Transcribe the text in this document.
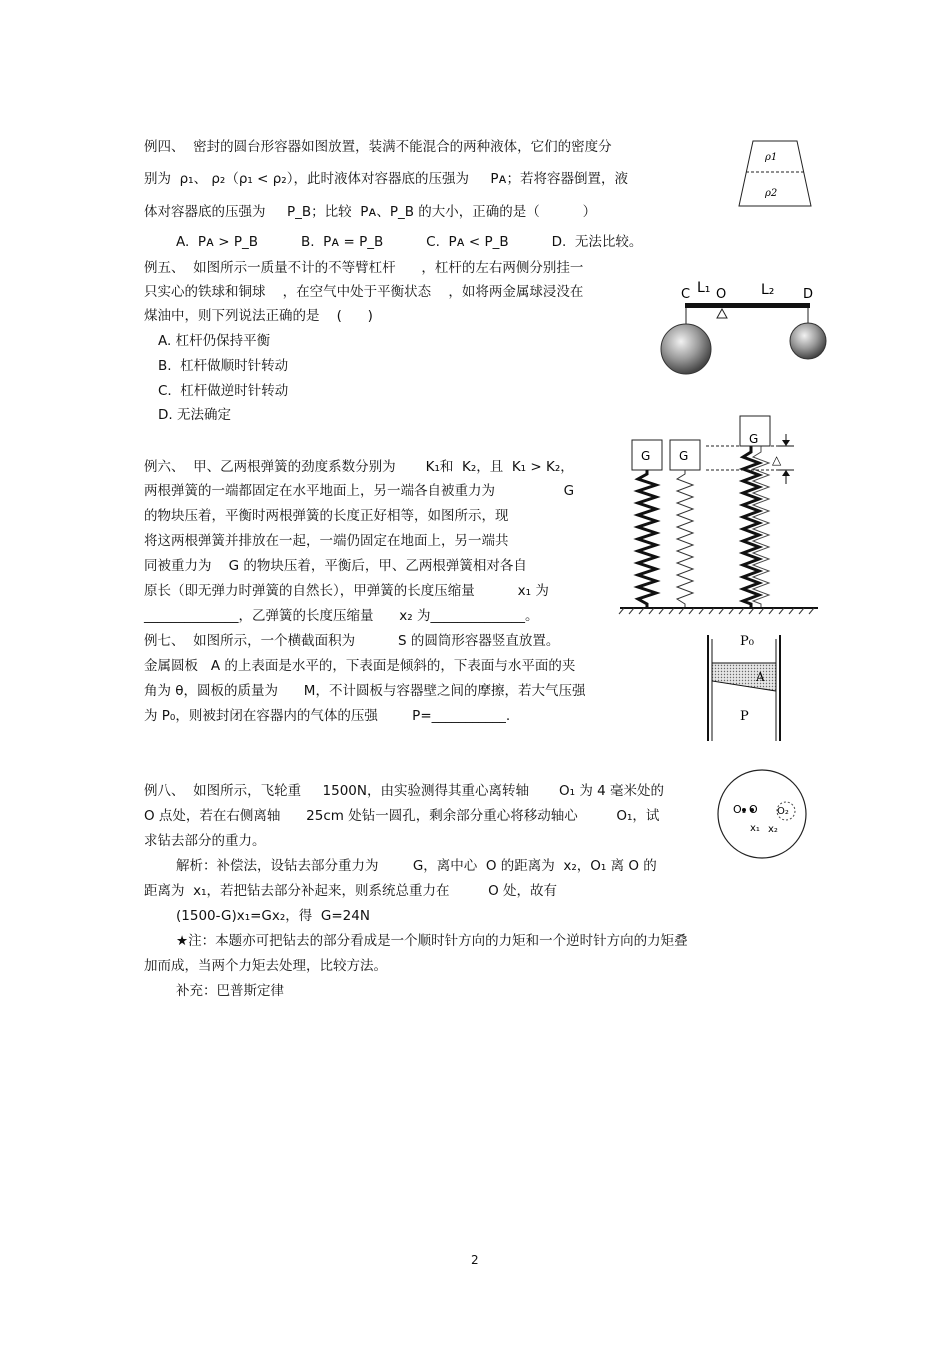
例四、  密封的圆台形容器如图放置，装满不能混合的两种液体，它们的密度分
别为  ρ₁、 ρ₂（ρ₁ < ρ₂），此时液体对容器底的压强为     Pᴀ；若将容器倒置，液
体对容器底的压强为     P_B；比较  Pᴀ、P_B 的大小，正确的是（          ）
A.  Pᴀ > P_B          B.  Pᴀ = P_B          C.  Pᴀ < P_B          D.  无法比较。
ρ1
ρ2
例五、  如图所示一质量不计的不等臂杠杆      ，杠杆的左右两侧分别挂一
只实心的铁球和铜球    ，在空气中处于平衡状态    ，如将两金属球浸没在
煤油中，则下列说法正确的是    (      )
A. 杠杆仍保持平衡
B.  杠杆做顺时针转动
C.  杠杆做逆时针转动
D. 无法确定
C L₁ O L₂ D
例六、  甲、乙两根弹簧的劲度系数分别为       K₁和  K₂，且  K₁ > K₂，
两根弹簧的一端都固定在水平地面上，另一端各自被重力为                G
的物块压着，平衡时两根弹簧的长度正好相等，如图所示，现
将这两根弹簧并排放在一起，一端仍固定在地面上，另一端共
同被重力为    G 的物块压着，平衡后，甲、乙两根弹簧相对各自
原长（即无弹力时弹簧的自然长），甲弹簧的长度压缩量          x₁ 为
______________，乙弹簧的长度压缩量      x₂ 为______________。
G G
G
△
例七、  如图所示，一个横截面积为          S 的圆筒形容器竖直放置。
金属圆板   A 的上表面是水平的，下表面是倾斜的，下表面与水平面的夹
角为 θ，圆板的质量为      M，不计圆板与容器壁之间的摩擦，若大气压强
为 P₀，则被封闭在容器内的气体的压强        P=___________.
P₀
A
P
例八、  如图所示，飞轮重     1500N，由实验测得其重心离转轴       O₁ 为 4 毫米处的
O 点处，若在右侧离轴      25cm 处钻一圆孔，剩余部分重心将移动轴心         O₁，试
求钻去部分的重力。
解析：补偿法，设钻去部分重力为        G，离中心  O 的距离为  x₂，O₁ 离 O 的
距离为  x₁，若把钻去部分补起来，则系统总重力在         O 处，故有
(1500-G)x₁=Gx₂，得  G=24N
★注：本题亦可把钻去的部分看成是一个顺时针方向的力矩和一个逆时针方向的力矩叠
加而成，当两个力矩去处理，比较方法。
补充：巴普斯定律
O₁ O O₂
x₁ x₂
2
